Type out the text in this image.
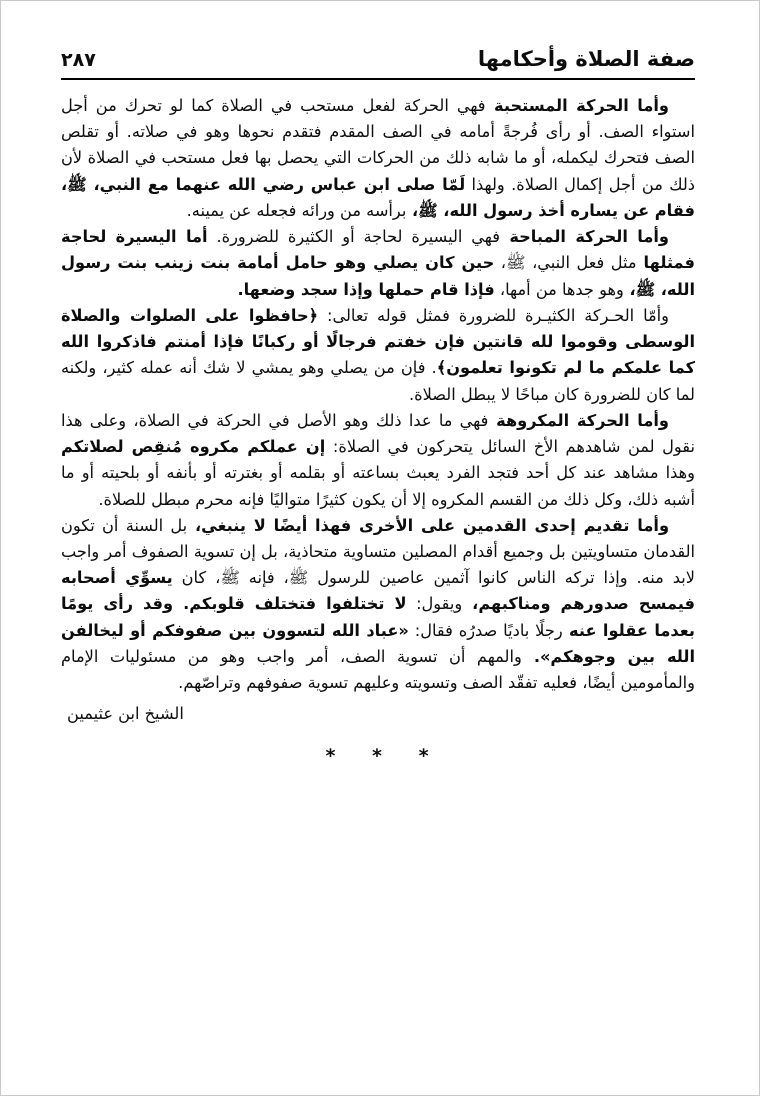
صفة الصلاة وأحكامها
٢٨٧

وأما الحركة المستحبة فهي الحركة لفعل مستحب في الصلاة كما لو تحرك من أجل استواء الصف. أو رأى فُرجةً أمامه في الصف المقدم فتقدم نحوها وهو في صلاته. أو تقلص الصف فتحرك ليكمله، أو ما شابه ذلك من الحركات التي يحصل بها فعل مستحب في الصلاة لأن ذلك من أجل إكمال الصلاة. ولهذا لَمّا صلى ابن عباس رضي الله عنهما مع النبي، ﷺ، فقام عن يساره أخذ رسول الله، ﷺ، برأسه من ورائه فجعله عن يمينه.

وأما الحركة المباحة فهي اليسيرة لحاجة أو الكثيرة للضرورة. أما اليسيرة لحاجة فمثلها مثل فعل النبي، ﷺ، حين كان يصلي وهو حامل أمامة بنت زينب بنت رسول الله، ﷺ، وهو جدها من أمها، فإذا قام حملها وإذا سجد وضعها.

وأمّا الحـركة الكثيـرة للضرورة فمثل قوله تعالى: ﴿حافظوا على الصلوات والصلاة الوسطى وقوموا لله قانتين فإن خفتم فرجالًا أو ركبانًا فإذا أمنتم فاذكروا الله كما علمكم ما لم تكونوا تعلمون﴾. فإن من يصلي وهو يمشي لا شك أنه عمله كثير، ولكنه لما كان للضرورة كان مباحًا لا يبطل الصلاة.

وأما الحركة المكروهة فهي ما عدا ذلك وهو الأصل في الحركة في الصلاة، وعلى هذا نقول لمن شاهدهم الأخ السائل يتحركون في الصلاة: إن عملكم مكروه مُنقِص لصلاتكم وهذا مشاهد عند كل أحد فتجد الفرد يعبث بساعته أو بقلمه أو بغترته أو بأنفه أو بلحيته أو ما أشبه ذلك، وكل ذلك من القسم المكروه إلا أن يكون كثيرًا متواليًا فإنه محرم مبطل للصلاة.

وأما تقديم إحدى القدمين على الأخرى فهذا أيضًا لا ينبغي، بل السنة أن تكون القدمان متساويتين بل وجميع أقدام المصلين متساوية متحاذية، بل إن تسوية الصفوف أمر واجب لابد منه. وإذا تركه الناس كانوا آثمين عاصين للرسول ﷺ، فإنه ﷺ، كان يسوِّي أصحابه فيمسح صدورهم ومناكبهم، ويقول: لا تختلفوا فتختلف قلوبكم. وقد رأى يومًا بعدما عقلوا عنه رجلًا باديًا صدرُه فقال: «عباد الله لتسوون بين صفوفكم أو ليخالفن الله بين وجوهكم». والمهم أن تسوية الصف، أمر واجب وهو من مسئوليات الإمام والمأمومين أيضًا، فعليه تفقّد الصف وتسويته وعليهم تسوية صفوفهم وتراصّهم.

الشيخ ابن عثيمين
* * *
